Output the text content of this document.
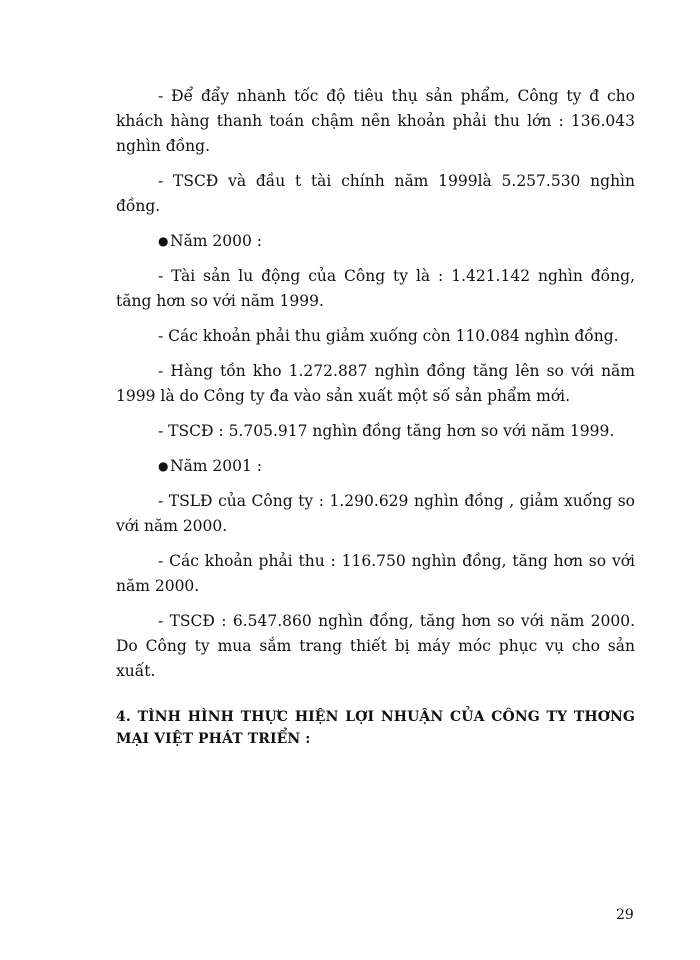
- Để đẩy nhanh tốc độ tiêu thụ sản phẩm, Công ty đ cho khách hàng thanh toán chậm nên khoản phải thu lớn : 136.043 nghìn đồng.

- TSCĐ và đầu t tài chính năm 1999là 5.257.530 nghìn đồng.

●Năm 2000 :

- Tài sản lu động của Công ty là : 1.421.142 nghìn đồng, tăng hơn so với năm 1999.

- Các khoản phải thu giảm xuống còn 110.084 nghìn đồng.

- Hàng tồn kho 1.272.887 nghìn đồng tăng lên so với năm 1999 là do Công ty đa vào sản xuất một số sản phẩm mới.

- TSCĐ : 5.705.917 nghìn đồng tăng hơn so với năm 1999.

●Năm 2001 :

- TSLĐ của Công ty : 1.290.629 nghìn đồng , giảm xuống so với năm 2000.

- Các khoản phải thu : 116.750 nghìn đồng, tăng hơn so với năm 2000.

- TSCĐ : 6.547.860 nghìn đồng, tăng hơn so với năm 2000. Do Công ty mua sắm trang thiết bị máy móc phục vụ cho sản xuất.

4. TÌNH HÌNH THỰC HIỆN LỢI NHUẬN CỦA CÔNG TY THƠNG MẠI VIỆT PHÁT TRIỂN :

29
